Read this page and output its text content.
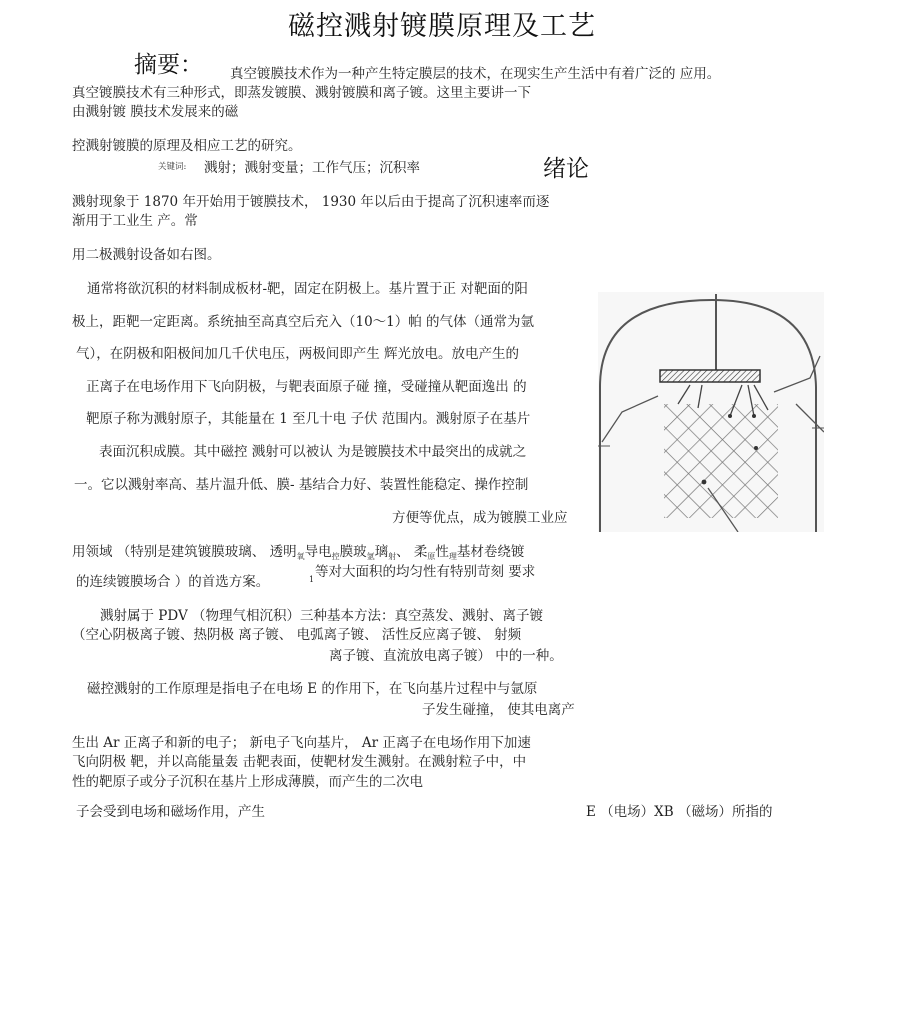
磁控溅射镀膜原理及工艺
摘要： 真空镀膜技术作为一种产生特定膜层的技术，在现实生产生活中有着广泛的 应用。
真空镀膜技术有三种形式，即蒸发镀膜、溅射镀膜和离子镀。这里主要讲一下
由溅射镀 膜技术发展来的磁
控溅射镀膜的原理及相应工艺的研究。
关键词: 溅射；溅射变量；工作气压；沉积率	绪论
溅射现象于 1870 年开始用于镀膜技术， 1930 年以后由于提高了沉积速率而逐
渐用于工业生 产。常
用二极溅射设备如右图。
通常将欲沉积的材料制成板材-靶，固定在阴极上。基片置于正 对靶面的阳
极上，距靶一定距离。系统抽至高真空后充入（10～1）帕 的气体（通常为氩
气），在阴极和阳极间加几千伏电压，两极间即产生 辉光放电。放电产生的
正离子在电场作用下飞向阴极，与靶表面原子碰 撞，受碰撞从靶面逸出 的
靶原子称为溅射原子，其能量在 1 至几十电 子伏 范围内。溅射原子在基片
表面沉积成膜。其中磁控 溅射可以被认 为是镀膜技术中最突出的成就之
一。它以溅射率高、基片温升低、膜- 基结合力好、装置性能稳定、操作控制
方便等优点，成为镀膜工业应
用领域 （特别是建筑镀膜玻璃、 透明$_氧$导电$_控$膜玻$_氩$璃$_射$、 柔$_原$性$_理$基材卷绕镀
的连续镀膜场合 ）的首选方案。	1 等对大面积的均匀性有特别苛刻 要求
溅射属于 PDV （物理气相沉积）三种基本方法：真空蒸发、溅射、离子镀
（空心阴极离子镀、热阴极 离子镀、 电弧离子镀、 活性反应离子镀、 射频
离子镀、直流放电离子镀） 中的一种。
磁控溅射的工作原理是指电子在电场 E 的作用下，在飞向基片过程中与氩原
子发生碰撞， 使其电离产
生出 Ar 正离子和新的电子； 新电子飞向基片， Ar 正离子在电场作用下加速
飞向阴极 靶，并以高能量轰 击靶表面，使靶材发生溅射。在溅射粒子中，中
性的靶原子或分子沉积在基片上形成薄膜，而产生的二次电
子会受到电场和磁场作用，产生	E （电场）XB （磁场）所指的
